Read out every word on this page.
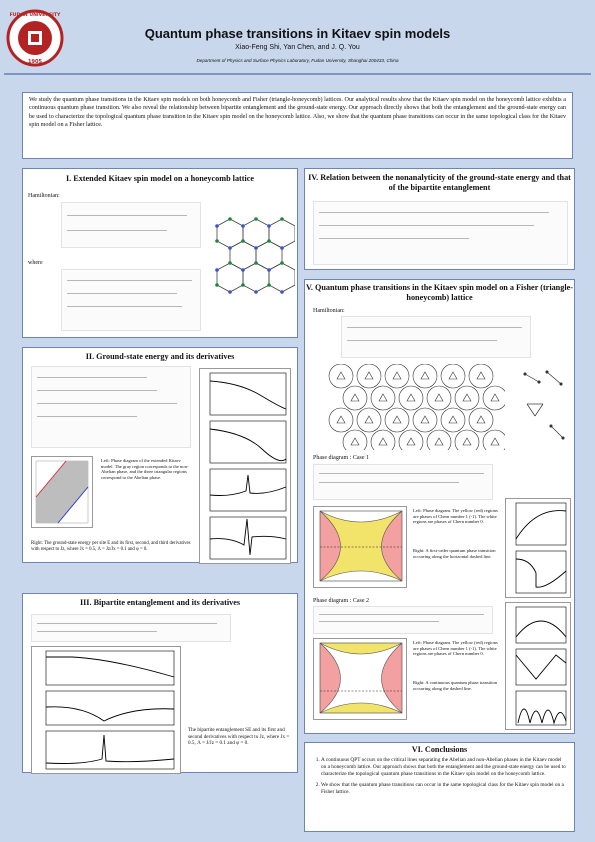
1905
FUDAN UNIVERSITY
Quantum phase transitions in Kitaev spin models
Xiao-Feng Shi, Yan Chen, and J. Q. You
Department of Physics and Surface Physics Laboratory, Fudan University, Shanghai 200433, China
We study the quantum phase transitions in the Kitaev spin models on both honeycomb and Fisher (triangle-honeycomb) lattices. Our analytical results show that the Kitaev spin model on the honeycomb lattice exhibits a continuous quantum phase transition. We also reveal the relationship between bipartite entanglement and the ground-state energy. Our approach directly shows that both the entanglement and the ground-state energy can be used to characterize the topological quantum phase transition in the Kitaev spin model on the honeycomb lattice. Also, we show that the quantum phase transitions can occur in the same topological class for the Kitaev spin model on a Fisher lattice.
I. Extended Kitaev spin model on a honeycomb lattice
Hamiltonian:
where
II. Ground-state energy and its derivatives
Left: Phase diagram of the extended Kitaev model. The gray region corresponds to the non-Abelian phase, and the three triangular regions correspond to the Abelian phase.
Right: The ground-state energy per site E and its first, second, and third derivatives with respect to Jz, where Jx = 0.5, Λ = Jz/Jx = 0.1 and φ = 0.
III. Bipartite entanglement and its derivatives
The bipartite entanglement SE and its first and second derivatives with respect to Jz, where Jx = 0.5, Λ = J/Jz = 0.1 and φ = 0.
IV. Relation between the nonanalyticity of the ground-state energy and that of the bipartite entanglement
V. Quantum phase transitions in the Kitaev spin model on a Fisher (triangle-honeycomb) lattice
Hamiltonian:
Phase diagram : Case 1
Left: Phase diagram. The yellow (red) regions are phases of Chern number 1 (-1). The white regions are phases of Chern number 0.
Right: A first-order quantum phase transition occurring along the horizontal dashed line.
Phase diagram : Case 2
Left: Phase diagram. The yellow (red) regions are phases of Chern number 1 (-1). The white regions are phases of Chern number 0.
Right: A continuous quantum phase transition occurring along the dashed line.
VI. Conclusions
1. A continuous QPT occurs on the critical lines separating the Abelian and non-Abelian phases in the Kitaev model on a honeycomb lattice. Our approach shows that both the entanglement and the ground-state energy can be used to characterize the topological quantum phase transitions in the Kitaev spin model on the honeycomb lattice.
2. We show that the quantum phase transitions can occur in the same topological class for the Kitaev spin model on a Fisher lattice.
